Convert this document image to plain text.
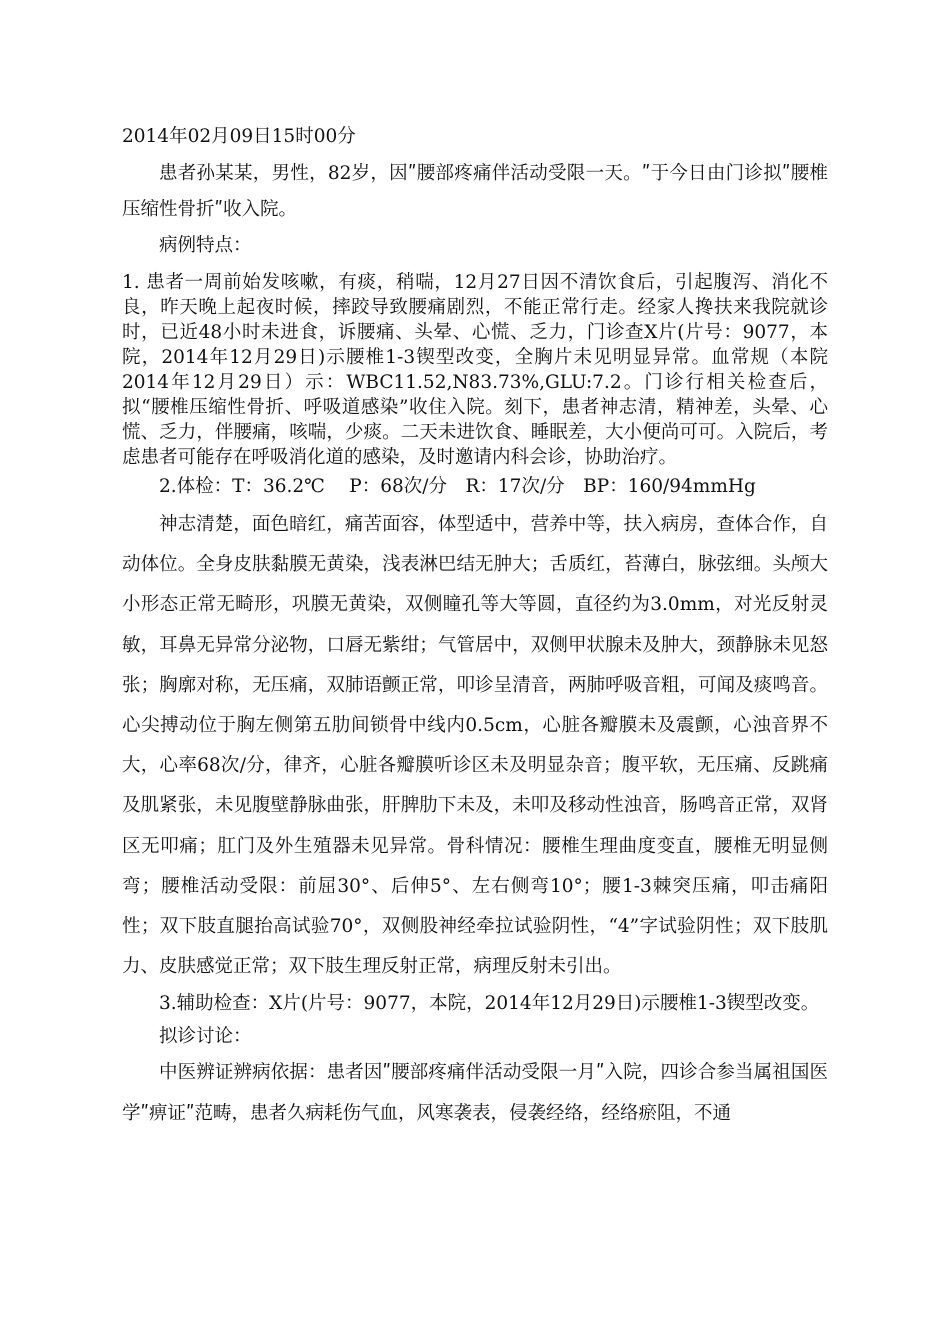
2014年02月09日15时00分

患者孙某某，男性，82岁，因ʺ腰部疼痛伴活动受限一天。ʺ于今日由门诊拟ʺ腰椎压缩性骨折ʺ收入院。

病例特点：

1. 患者一周前始发咳嗽，有痰，稍喘，12月27日因不清饮食后，引起腹泻、消化不良，昨天晚上起夜时候，摔跤导致腰痛剧烈，不能正常行走。经家人搀扶来我院就诊时，已近48小时未进食，诉腰痛、头晕、心慌、乏力，门诊查X片(片号：9077，本院，2014年12月29日)示腰椎1-3锲型改变，全胸片未见明显异常。血常规（本院2014年12月29日）示：WBC11.52,N83.73%,GLU:7.2。门诊行相关检查后，拟“腰椎压缩性骨折、呼吸道感染”收住入院。刻下，患者神志清，精神差，头晕、心慌、乏力，伴腰痛，咳喘，少痰。二天未进饮食、睡眠差，大小便尚可可。入院后，考虑患者可能存在呼吸消化道的感染，及时邀请内科会诊，协助治疗。

2.体检：T：36.2℃　 P：68次/分　R：17次/分　BP：160/94mmHg

神志清楚，面色暗红，痛苦面容，体型适中，营养中等，扶入病房，查体合作，自动体位。全身皮肤黏膜无黄染，浅表淋巴结无肿大；舌质红，苔薄白，脉弦细。头颅大小形态正常无畸形，巩膜无黄染，双侧瞳孔等大等圆，直径约为3.0mm，对光反射灵敏，耳鼻无异常分泌物，口唇无紫绀；气管居中，双侧甲状腺未及肿大，颈静脉未见怒张；胸廓对称，无压痛，双肺语颤正常，叩诊呈清音，两肺呼吸音粗，可闻及痰鸣音。心尖搏动位于胸左侧第五肋间锁骨中线内0.5cm，心脏各瓣膜未及震颤，心浊音界不大，心率68次/分，律齐，心脏各瓣膜听诊区未及明显杂音；腹平软，无压痛、反跳痛及肌紧张，未见腹壁静脉曲张，肝脾肋下未及，未叩及移动性浊音，肠鸣音正常，双肾区无叩痛；肛门及外生殖器未见异常。骨科情况：腰椎生理曲度变直，腰椎无明显侧弯；腰椎活动受限：前屈30°、后伸5°、左右侧弯10°；腰1-3棘突压痛，叩击痛阳性；双下肢直腿抬高试验70°，双侧股神经牵拉试验阴性，“4”字试验阴性；双下肢肌力、皮肤感觉正常；双下肢生理反射正常，病理反射未引出。

3.辅助检查：X片(片号：9077，本院，2014年12月29日)示腰椎1-3锲型改变。

拟诊讨论：

中医辨证辨病依据：患者因ʺ腰部疼痛伴活动受限一月ʺ入院，四诊合参当属祖国医学ʺ痹证ʺ范畴，患者久病耗伤气血，风寒袭表，侵袭经络，经络瘀阻，不通
